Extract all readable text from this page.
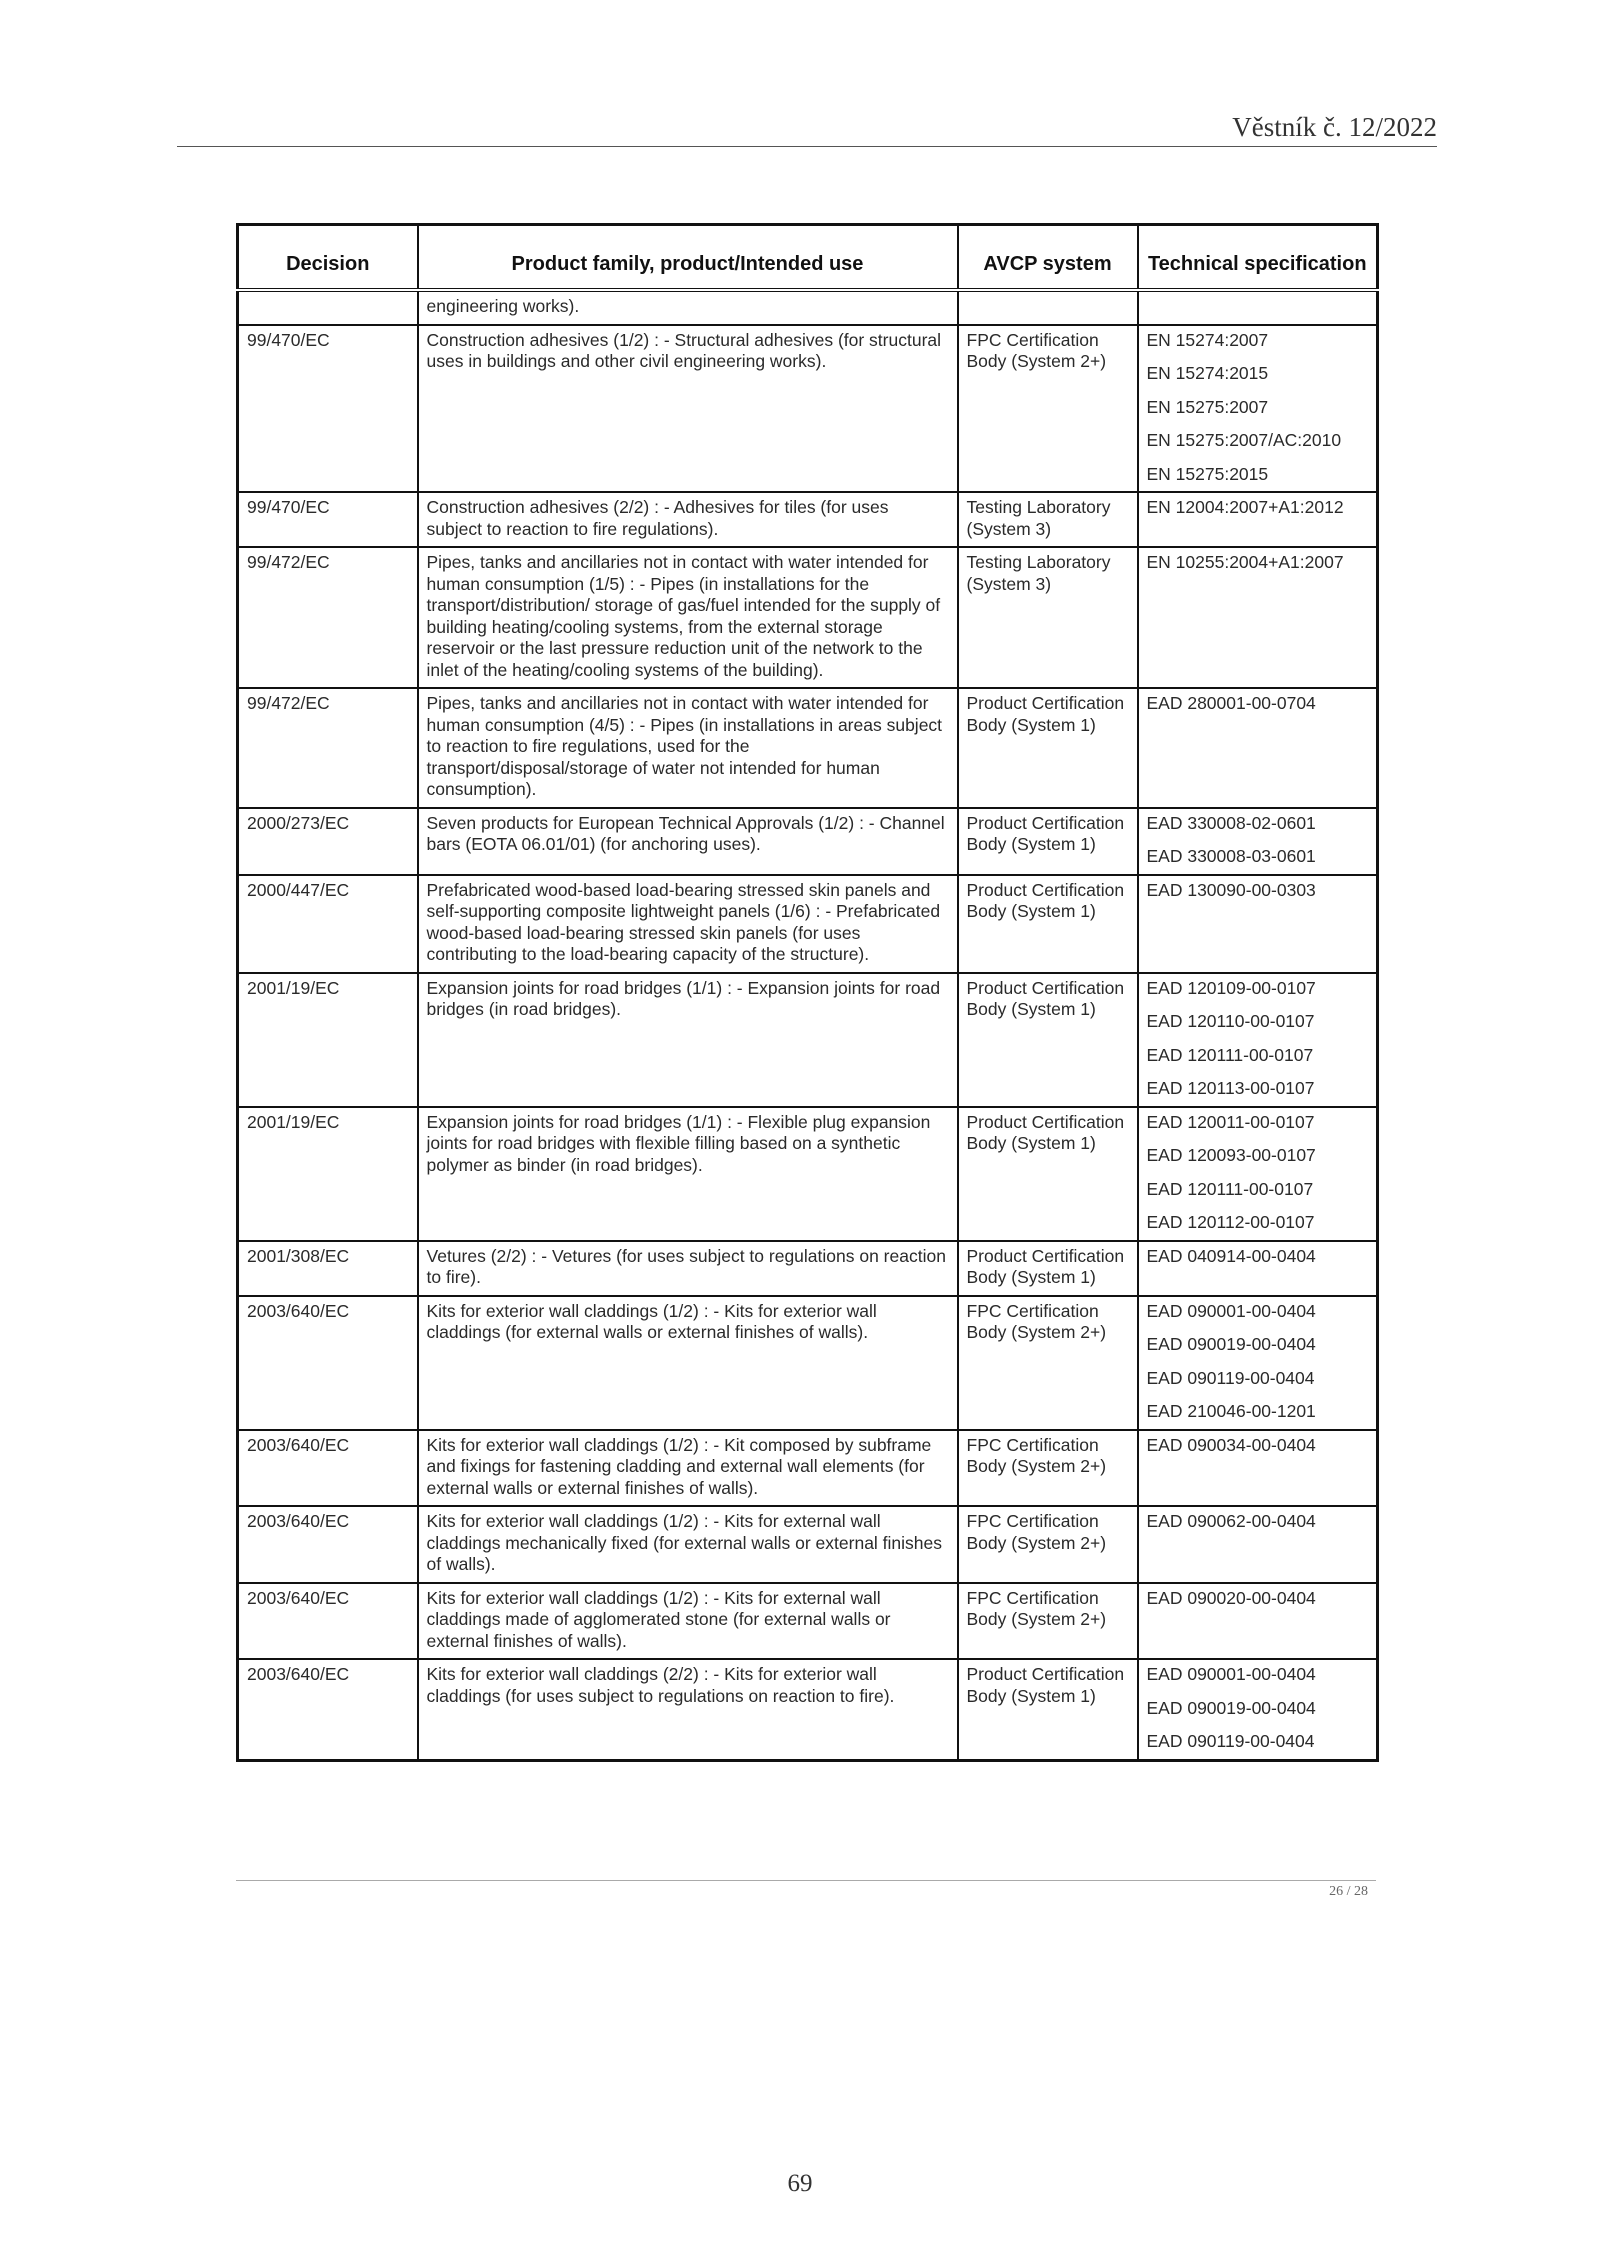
Věstník č. 12/2022
Decision	Product family, product/Intended use	AVCP system	Technical specification
	engineering works).		
99/470/EC	Construction adhesives (1/2) : - Structural adhesives (for structural uses in buildings and other civil engineering works).	FPC Certification Body (System 2+)	EN 15274:2007
EN 15274:2015
EN 15275:2007
EN 15275:2007/AC:2010
EN 15275:2015

99/470/EC	Construction adhesives (2/2) : - Adhesives for tiles (for uses subject to reaction to fire regulations).	Testing Laboratory (System 3)	EN 12004:2007+A1:2012

99/472/EC	Pipes, tanks and ancillaries not in contact with water intended for human consumption (1/5) : - Pipes (in installations for the transport/distribution/ storage of gas/fuel intended for the supply of building heating/cooling systems, from the external storage reservoir or the last pressure reduction unit of the network to the inlet of the heating/cooling systems of the building).	Testing Laboratory (System 3)	EN 10255:2004+A1:2007

99/472/EC	Pipes, tanks and ancillaries not in contact with water intended for human consumption (4/5) : - Pipes (in installations in areas subject to reaction to fire regulations, used for the transport/disposal/storage of water not intended for human consumption).	Product Certification Body (System 1)	EAD 280001-00-0704

2000/273/EC	Seven products for European Technical Approvals (1/2) : - Channel bars (EOTA 06.01/01) (for anchoring uses).	Product Certification Body (System 1)	EAD 330008-02-0601
EAD 330008-03-0601

2000/447/EC	Prefabricated wood-based load-bearing stressed skin panels and self-supporting composite lightweight panels (1/6) : - Prefabricated wood-based load-bearing stressed skin panels (for uses contributing to the load-bearing capacity of the structure).	Product Certification Body (System 1)	EAD 130090-00-0303

2001/19/EC	Expansion joints for road bridges (1/1) : - Expansion joints for road bridges (in road bridges).	Product Certification Body (System 1)	EAD 120109-00-0107
EAD 120110-00-0107
EAD 120111-00-0107
EAD 120113-00-0107

2001/19/EC	Expansion joints for road bridges (1/1) : - Flexible plug expansion joints for road bridges with flexible filling based on a synthetic polymer as binder (in road bridges).	Product Certification Body (System 1)	EAD 120011-00-0107
EAD 120093-00-0107
EAD 120111-00-0107
EAD 120112-00-0107

2001/308/EC	Vetures (2/2) : - Vetures (for uses subject to regulations on reaction to fire).	Product Certification Body (System 1)	EAD 040914-00-0404

2003/640/EC	Kits for exterior wall claddings (1/2) : - Kits for exterior wall claddings (for external walls or external finishes of walls).	FPC Certification Body (System 2+)	EAD 090001-00-0404
EAD 090019-00-0404
EAD 090119-00-0404
EAD 210046-00-1201

2003/640/EC	Kits for exterior wall claddings (1/2) : - Kit composed by subframe and fixings for fastening cladding and external wall elements (for external walls or external finishes of walls).	FPC Certification Body (System 2+)	EAD 090034-00-0404

2003/640/EC	Kits for exterior wall claddings (1/2) : - Kits for external wall claddings mechanically fixed (for external walls or external finishes of walls).	FPC Certification Body (System 2+)	EAD 090062-00-0404

2003/640/EC	Kits for exterior wall claddings (1/2) : - Kits for external wall claddings made of agglomerated stone (for external walls or external finishes of walls).	FPC Certification Body (System 2+)	EAD 090020-00-0404

2003/640/EC	Kits for exterior wall claddings (2/2) : - Kits for exterior wall claddings (for uses subject to regulations on reaction to fire).	Product Certification Body (System 1)	EAD 090001-00-0404
EAD 090019-00-0404
EAD 090119-00-0404
26 / 28
69
